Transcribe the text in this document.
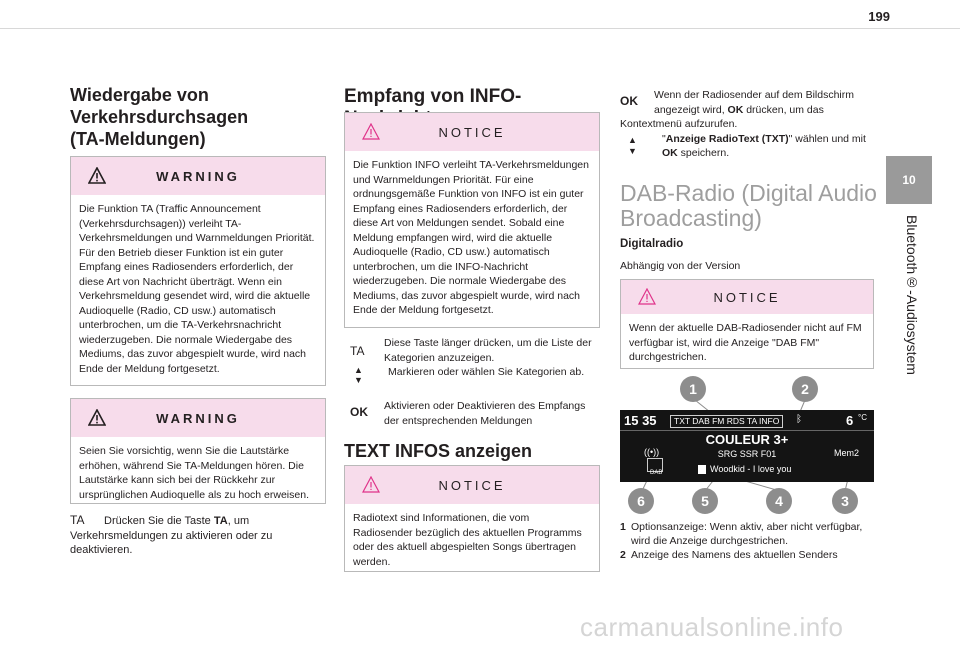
199
10
Bluetooth®-Audiosystem
Wiedergabe von
Verkehrsdurchsagen
(TA-Meldungen)
WARNING
Die Funktion TA (Traffic Announcement (Verkehrsdurchsagen)) verleiht TA-Verkehrsmeldungen und Warnmeldungen Priorität. Für den Betrieb dieser Funktion ist ein guter Empfang eines Radiosenders erforderlich, der diese Art von Nachricht überträgt. Wenn ein Verkehrsmeldung gesendet wird, wird die aktuelle Audioquelle (Radio, CD usw.) automatisch unterbrochen, um die TA-Verkehrsnachricht wiederzugeben. Die normale Wiedergabe des Mediums, das zuvor abgespielt wurde, wird nach Ende der Meldung fortgesetzt.
WARNING
Seien Sie vorsichtig, wenn Sie die Lautstärke erhöhen, während Sie TA-Meldungen hören. Die Lautstärke kann sich bei der Rückkehr zur ursprünglichen Audioquelle als zu hoch erweisen.
TA Drücken Sie die Taste TA, um Verkehrsmeldungen zu aktivieren oder zu deaktivieren.
Empfang von INFO-
NOTICE
Die Funktion INFO verleiht TA-Verkehrsmeldungen und Warnmeldungen Priorität. Für eine ordnungsgemäße Funktion von INFO ist ein guter Empfang eines Radiosenders erforderlich, der diese Art von Meldungen sendet. Sobald eine Meldung empfangen wird, wird die aktuelle Audioquelle (Radio, CD usw.) automatisch unterbrochen, um die INFO-Nachricht wiederzugeben. Die normale Wiedergabe des Mediums, das zuvor abgespielt wurde, wird nach Ende der Meldung fortgesetzt.
TA
Diese Taste länger drücken, um die Liste der Kategorien anzuzeigen.
▲
▼
Markieren oder wählen Sie Kategorien ab.
OK	Aktivieren oder Deaktivieren des Empfangs der entsprechenden Meldungen
TEXT INFOS anzeigen
NOTICE
Radiotext sind Informationen, die vom Radiosender bezüglich des aktuellen Programms oder des aktuell abgespielten Songs übertragen werden.
OK	Wenn der Radiosender auf dem Bildschirm angezeigt wird, OK drücken, um das
Kontextmenü aufzurufen.
▲
▼
"Anzeige RadioText (TXT)" wählen und mit OK speichern.
DAB-Radio (Digital Audio
Broadcasting)
Digitalradio
Abhängig von der Version
NOTICE
Wenn der aktuelle DAB-Radiosender nicht auf FM verfügbar ist, wird die Anzeige "DAB FM" durchgestrichen.
1	2
15 35	TXT DAB FM RDS TA INFO	ᛒ	6 °C
COULEUR 3+
((•))
DAB
SRG SSR F01	Mem2
Woodkid - I love you
6	5	4	3
1 Optionsanzeige: Wenn aktiv, aber nicht verfügbar, wird die Anzeige durchgestrichen.
2 Anzeige des Namens des aktuellen Senders
carmanualsonline.info
